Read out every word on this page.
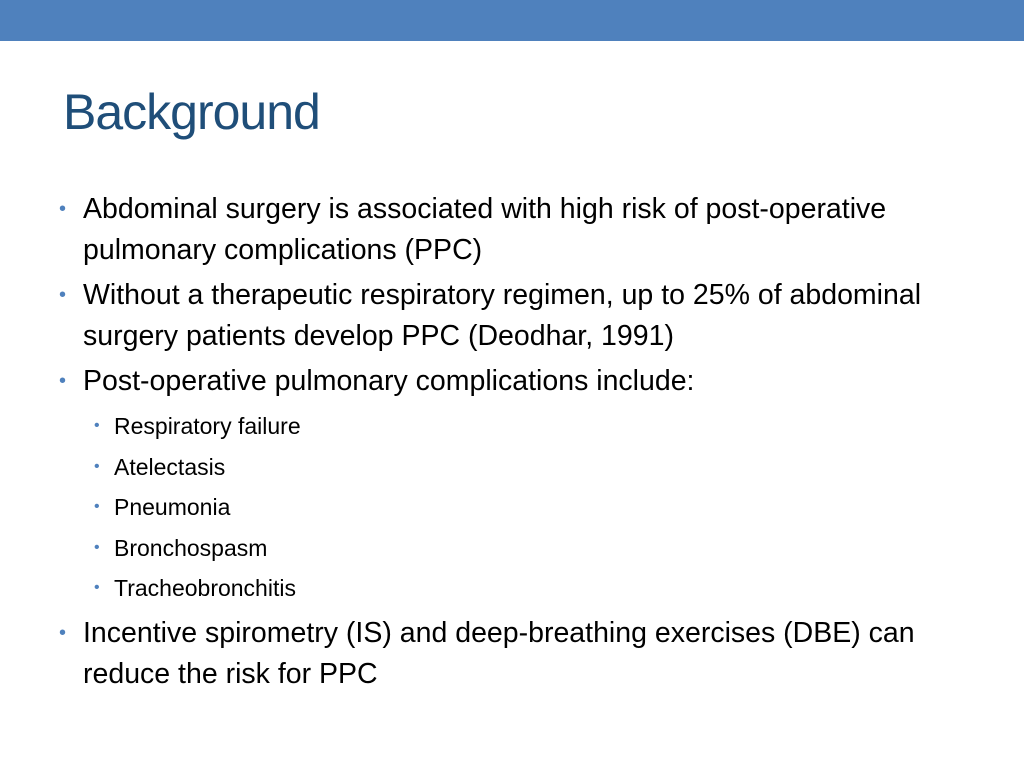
Background
• Abdominal surgery is associated with high risk of post-operative pulmonary complications (PPC)
• Without a therapeutic respiratory regimen, up to 25% of abdominal surgery patients develop PPC (Deodhar, 1991)
• Post-operative pulmonary complications include:
• Respiratory failure
• Atelectasis
• Pneumonia
• Bronchospasm
• Tracheobronchitis
• Incentive spirometry (IS) and deep-breathing exercises (DBE) can reduce the risk for PPC
